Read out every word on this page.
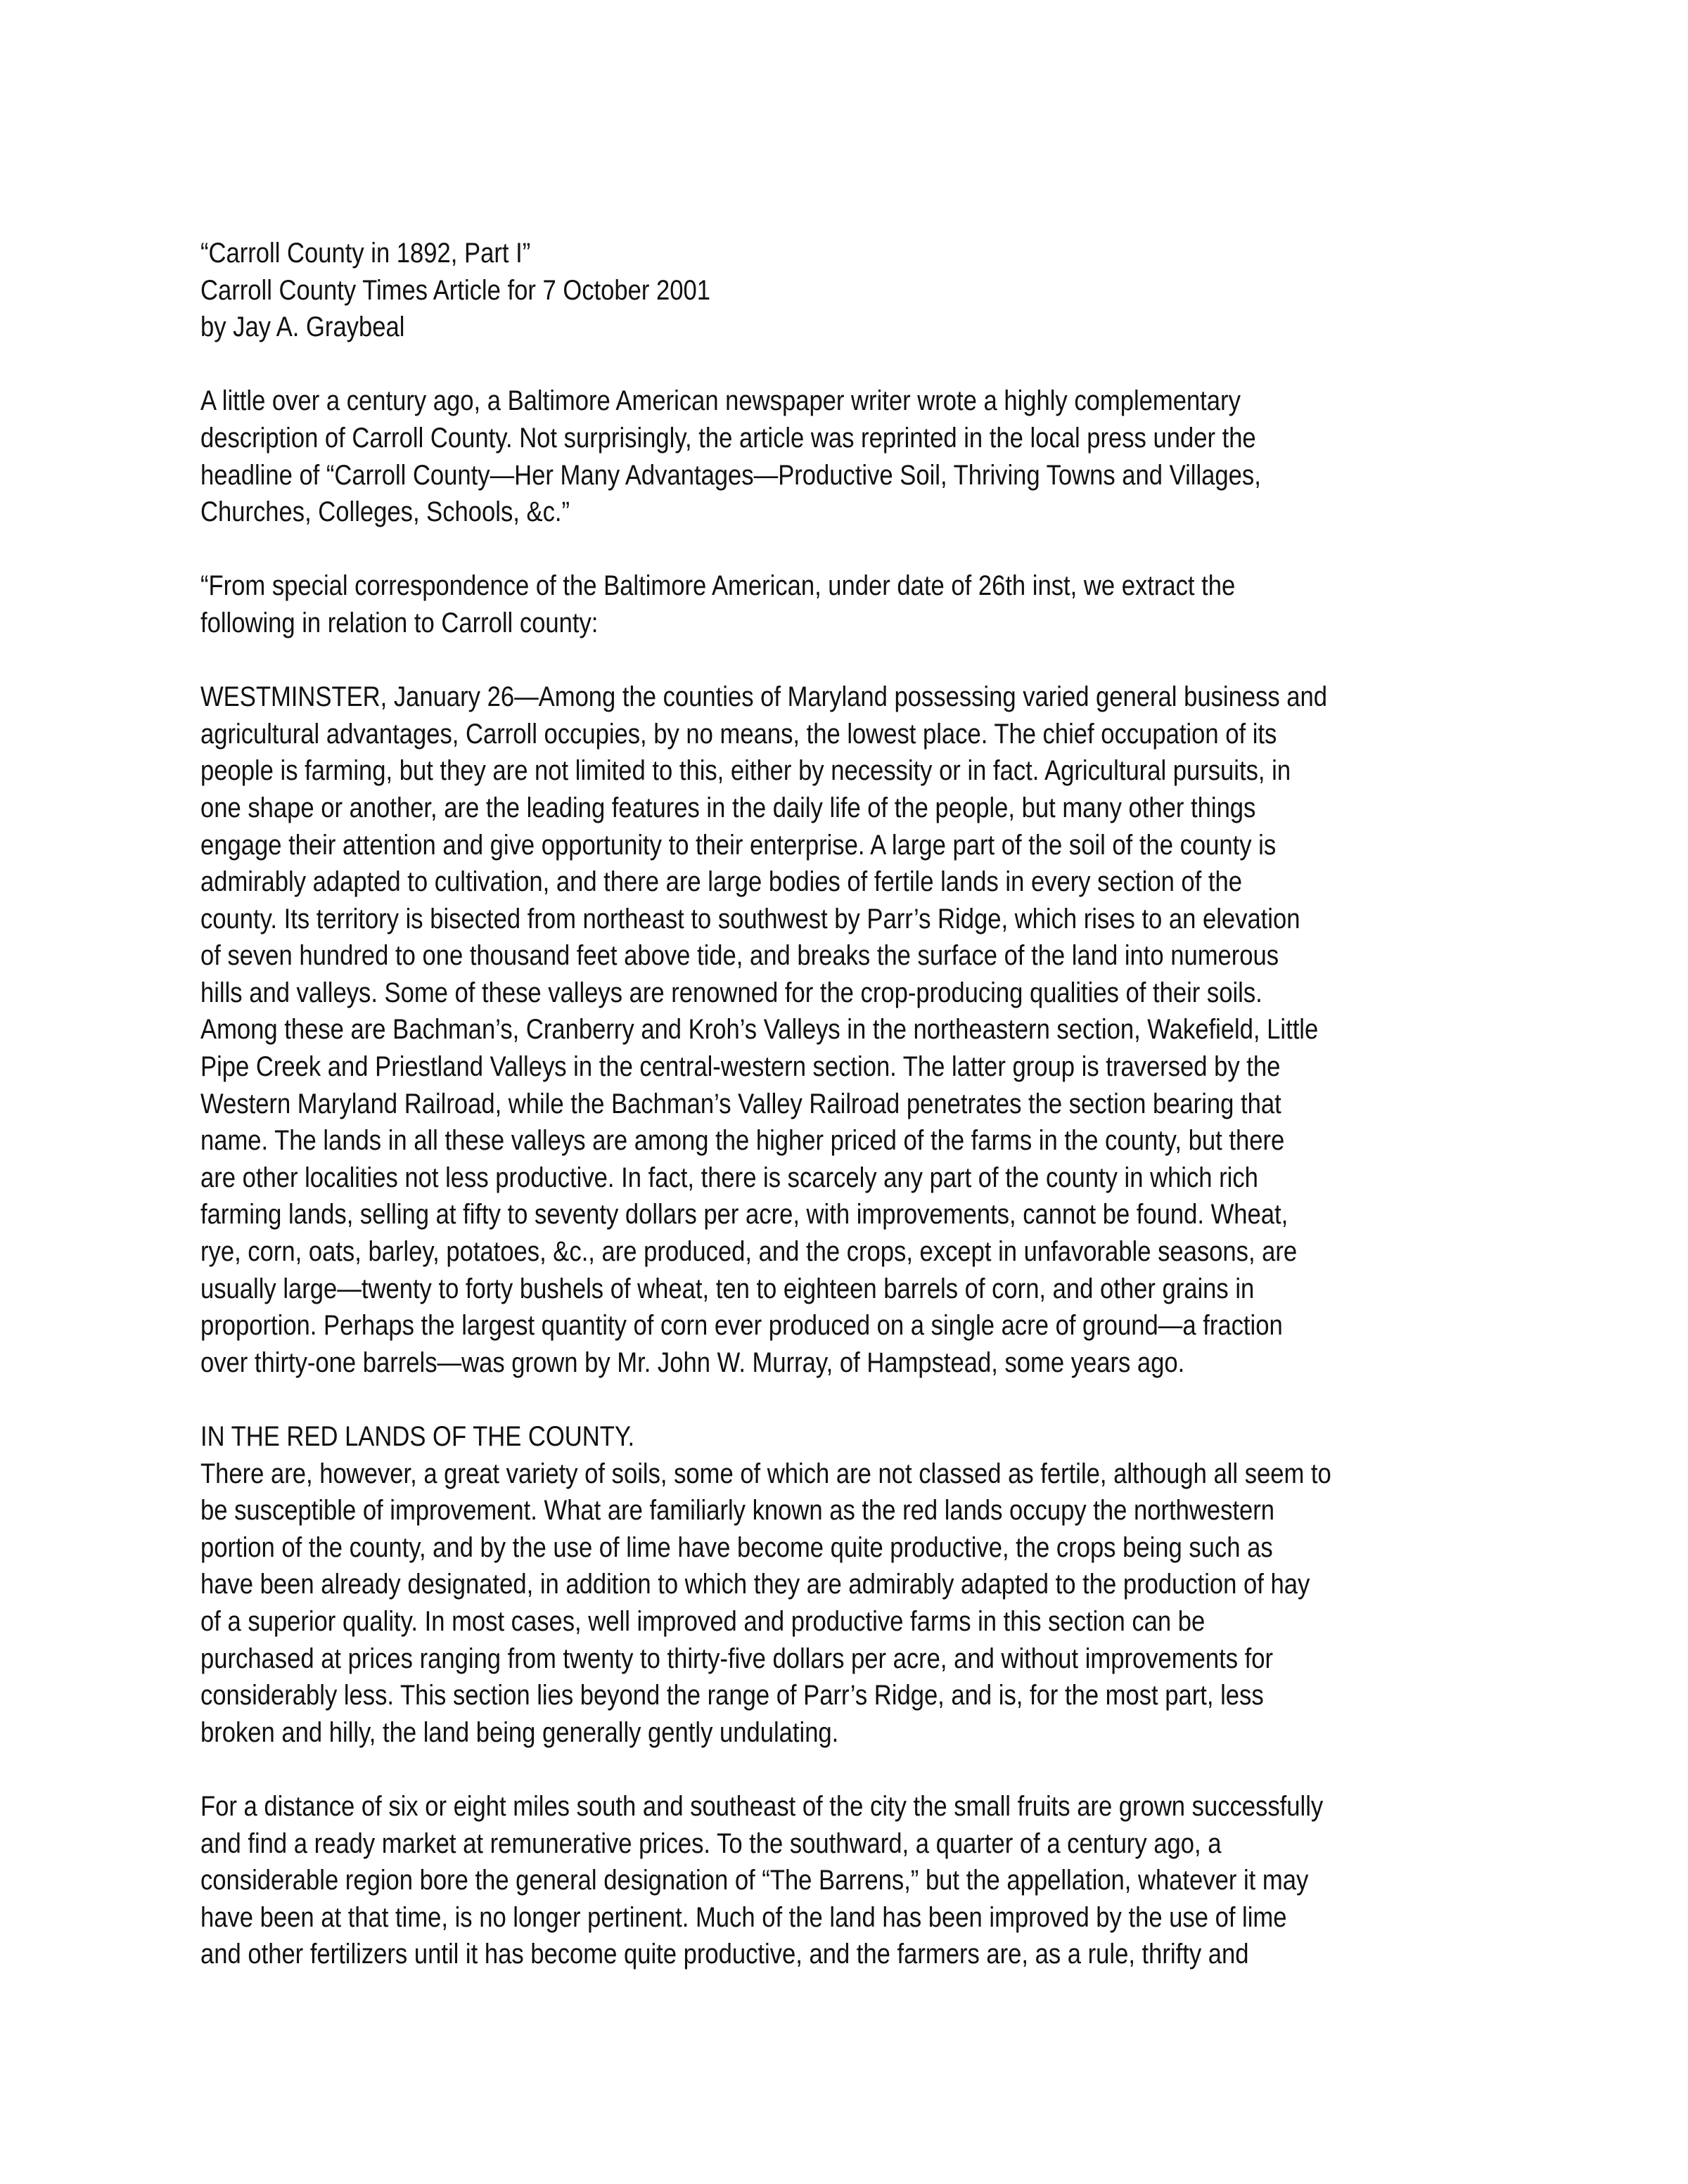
“Carroll County in 1892, Part I”
Carroll County Times Article for 7 October 2001
by Jay A. Graybeal
A little over a century ago, a Baltimore American newspaper writer wrote a highly complementary
description of Carroll County. Not surprisingly, the article was reprinted in the local press under the
headline of “Carroll County—Her Many Advantages—Productive Soil, Thriving Towns and Villages,
Churches, Colleges, Schools, &c.”
“From special correspondence of the Baltimore American, under date of 26th inst, we extract the
following in relation to Carroll county:
WESTMINSTER, January 26—Among the counties of Maryland possessing varied general business and
agricultural advantages, Carroll occupies, by no means, the lowest place. The chief occupation of its
people is farming, but they are not limited to this, either by necessity or in fact. Agricultural pursuits, in
one shape or another, are the leading features in the daily life of the people, but many other things
engage their attention and give opportunity to their enterprise. A large part of the soil of the county is
admirably adapted to cultivation, and there are large bodies of fertile lands in every section of the
county. Its territory is bisected from northeast to southwest by Parr’s Ridge, which rises to an elevation
of seven hundred to one thousand feet above tide, and breaks the surface of the land into numerous
hills and valleys. Some of these valleys are renowned for the crop-producing qualities of their soils.
Among these are Bachman’s, Cranberry and Kroh’s Valleys in the northeastern section, Wakefield, Little
Pipe Creek and Priestland Valleys in the central-western section. The latter group is traversed by the
Western Maryland Railroad, while the Bachman’s Valley Railroad penetrates the section bearing that
name. The lands in all these valleys are among the higher priced of the farms in the county, but there
are other localities not less productive. In fact, there is scarcely any part of the county in which rich
farming lands, selling at fifty to seventy dollars per acre, with improvements, cannot be found. Wheat,
rye, corn, oats, barley, potatoes, &c., are produced, and the crops, except in unfavorable seasons, are
usually large—twenty to forty bushels of wheat, ten to eighteen barrels of corn, and other grains in
proportion. Perhaps the largest quantity of corn ever produced on a single acre of ground—a fraction
over thirty-one barrels—was grown by Mr. John W. Murray, of Hampstead, some years ago.
IN THE RED LANDS OF THE COUNTY.
There are, however, a great variety of soils, some of which are not classed as fertile, although all seem to
be susceptible of improvement. What are familiarly known as the red lands occupy the northwestern
portion of the county, and by the use of lime have become quite productive, the crops being such as
have been already designated, in addition to which they are admirably adapted to the production of hay
of a superior quality. In most cases, well improved and productive farms in this section can be
purchased at prices ranging from twenty to thirty-five dollars per acre, and without improvements for
considerably less. This section lies beyond the range of Parr’s Ridge, and is, for the most part, less
broken and hilly, the land being generally gently undulating.
For a distance of six or eight miles south and southeast of the city the small fruits are grown successfully
and find a ready market at remunerative prices. To the southward, a quarter of a century ago, a
considerable region bore the general designation of “The Barrens,” but the appellation, whatever it may
have been at that time, is no longer pertinent. Much of the land has been improved by the use of lime
and other fertilizers until it has become quite productive, and the farmers are, as a rule, thrifty and
